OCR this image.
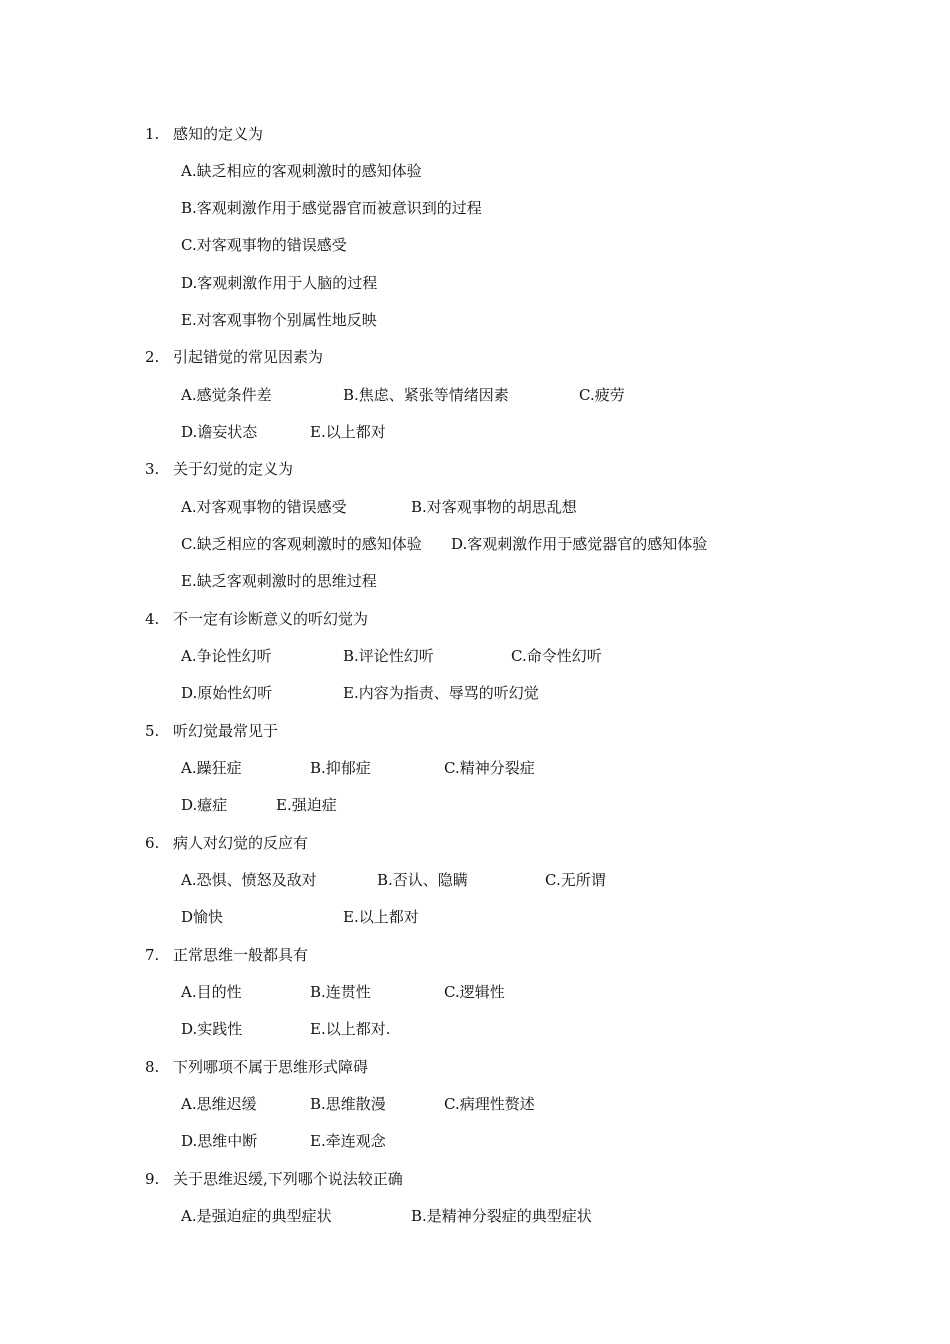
1. 感知的定义为
A.缺乏相应的客观刺激时的感知体验
B.客观刺激作用于感觉器官而被意识到的过程
C.对客观事物的错误感受
D.客观刺激作用于人脑的过程
E.对客观事物个别属性地反映
2. 引起错觉的常见因素为
A.感觉条件差	B.焦虑、紧张等情绪因素	C.疲劳
D.谵妄状态	E.以上都对
3. 关于幻觉的定义为
A.对客观事物的错误感受	B.对客观事物的胡思乱想
C.缺乏相应的客观刺激时的感知体验 D.客观刺激作用于感觉器官的感知体验
E.缺乏客观刺激时的思维过程
4. 不一定有诊断意义的听幻觉为
A.争论性幻听	B.评论性幻听	C.命令性幻听
D.原始性幻听	E.内容为指责、辱骂的听幻觉
5. 听幻觉最常见于
A.躁狂症	B.抑郁症	C.精神分裂症
D.癔症	E.强迫症
6. 病人对幻觉的反应有
A.恐惧、愤怒及敌对	B.否认、隐瞒	C.无所谓
D愉快	E.以上都对
7. 正常思维一般都具有
A.目的性	B.连贯性	C.逻辑性
D.实践性	E.以上都对.
8. 下列哪项不属于思维形式障碍
A.思维迟缓	B.思维散漫	C.病理性赘述
D.思维中断	E.牵连观念
9. 关于思维迟缓,下列哪个说法较正确
A.是强迫症的典型症状	B.是精神分裂症的典型症状
